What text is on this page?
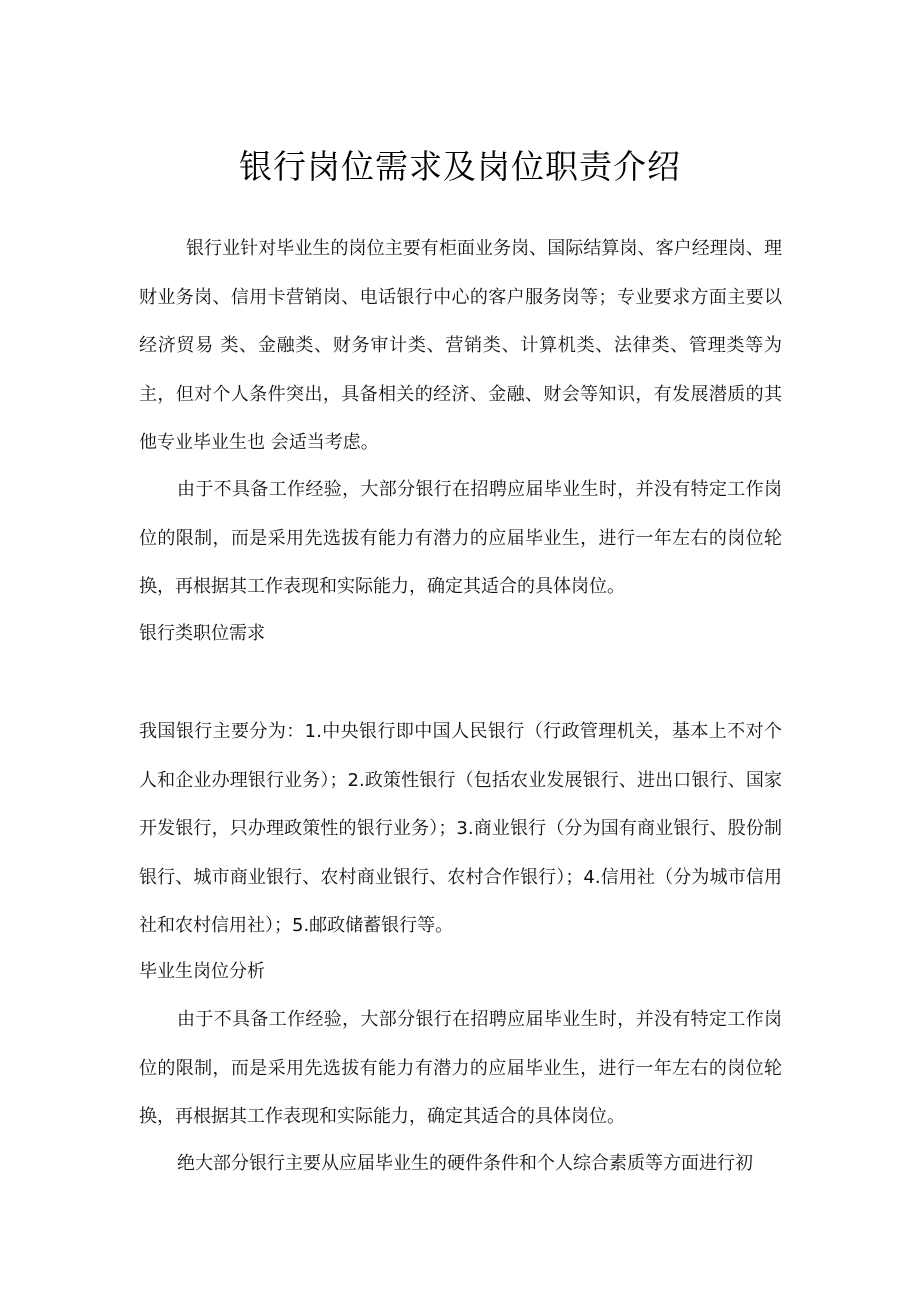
银行岗位需求及岗位职责介绍

银行业针对毕业生的岗位主要有柜面业务岗、国际结算岗、客户经理岗、理财业务岗、信用卡营销岗、电话银行中心的客户服务岗等；专业要求方面主要以经济贸易 类、金融类、财务审计类、营销类、计算机类、法律类、管理类等为主，但对个人条件突出，具备相关的经济、金融、财会等知识，有发展潜质的其他专业毕业生也 会适当考虑。

由于不具备工作经验，大部分银行在招聘应届毕业生时，并没有特定工作岗位的限制，而是采用先选拔有能力有潜力的应届毕业生，进行一年左右的岗位轮换，再根据其工作表现和实际能力，确定其适合的具体岗位。

银行类职位需求

我国银行主要分为：1.中央银行即中国人民银行（行政管理机关，基本上不对个人和企业办理银行业务）；2.政策性银行（包括农业发展银行、进出口银行、国家开发银行，只办理政策性的银行业务）；3.商业银行（分为国有商业银行、股份制银行、城市商业银行、农村商业银行、农村合作银行）；4.信用社（分为城市信用社和农村信用社）；5.邮政储蓄银行等。

毕业生岗位分析

由于不具备工作经验，大部分银行在招聘应届毕业生时，并没有特定工作岗位的限制，而是采用先选拔有能力有潜力的应届毕业生，进行一年左右的岗位轮换，再根据其工作表现和实际能力，确定其适合的具体岗位。

绝大部分银行主要从应届毕业生的硬件条件和个人综合素质等方面进行初
